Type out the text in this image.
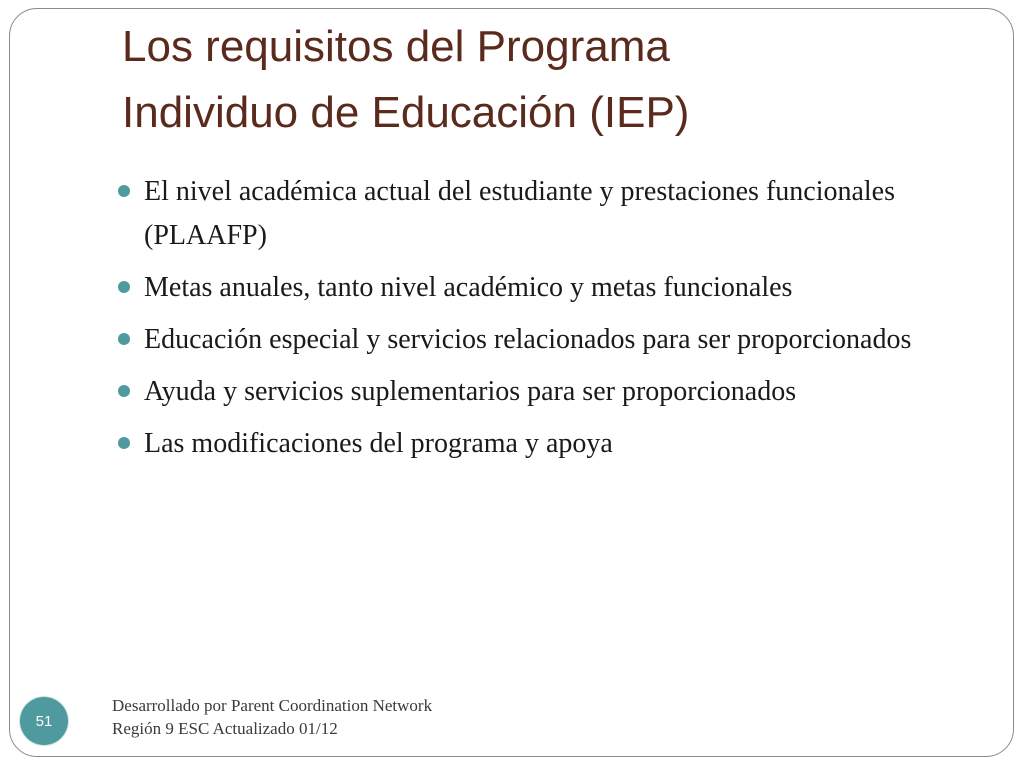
Los requisitos del Programa
Individuo de Educación (IEP)
El nivel académica actual del estudiante y prestaciones funcionales (PLAAFP)
Metas anuales, tanto nivel académico y metas funcionales
Educación especial y servicios relacionados para ser proporcionados
Ayuda y servicios suplementarios para ser proporcionados
Las modificaciones del programa y apoya
51
Desarrollado por Parent Coordination Network
Región 9 ESC Actualizado 01/12
